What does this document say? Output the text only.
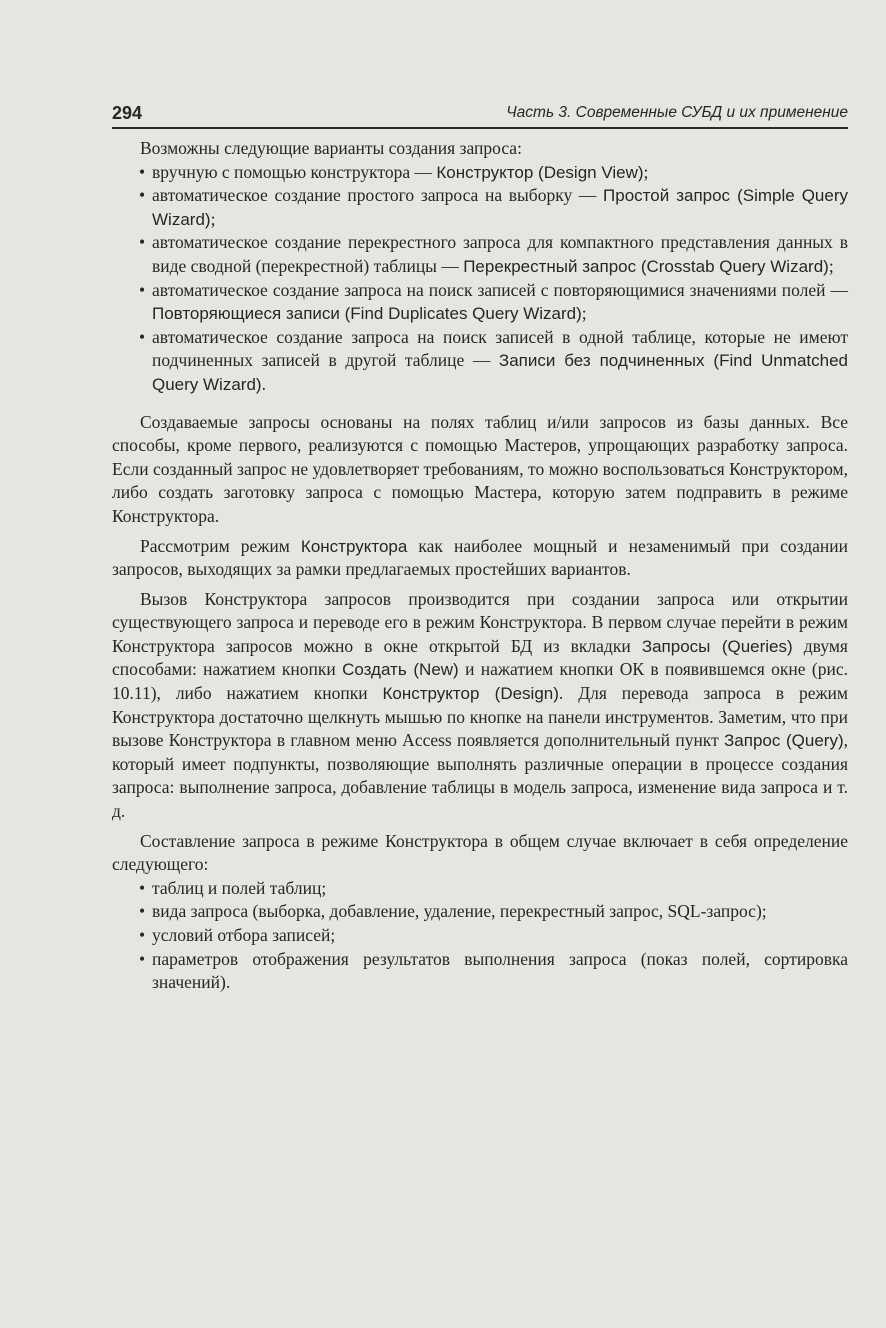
294	Часть 3. Современные СУБД и их применение

Возможны следующие варианты создания запроса:

• вручную с помощью конструктора — Конструктор (Design View);
• автоматическое создание простого запроса на выборку — Простой запрос (Simple Query Wizard);
• автоматическое создание перекрестного запроса для компактного представления данных в виде сводной (перекрестной) таблицы — Перекрестный запрос (Crosstab Query Wizard);
• автоматическое создание запроса на поиск записей с повторяющимися значениями полей — Повторяющиеся записи (Find Duplicates Query Wizard);
• автоматическое создание запроса на поиск записей в одной таблице, которые не имеют подчиненных записей в другой таблице — Записи без подчиненных (Find Unmatched Query Wizard).

Создаваемые запросы основаны на полях таблиц и/или запросов из базы данных. Все способы, кроме первого, реализуются с помощью Мастеров, упрощающих разработку запроса. Если созданный запрос не удовлетворяет требованиям, то можно воспользоваться Конструктором, либо создать заготовку запроса с помощью Мастера, которую затем подправить в режиме Конструктора.

Рассмотрим режим Конструктора как наиболее мощный и незаменимый при создании запросов, выходящих за рамки предлагаемых простейших вариантов.

Вызов Конструктора запросов производится при создании запроса или открытии существующего запроса и переводе его в режим Конструктора. В первом случае перейти в режим Конструктора запросов можно в окне открытой БД из вкладки Запросы (Queries) двумя способами: нажатием кнопки Создать (New) и нажатием кнопки ОК в появившемся окне (рис. 10.11), либо нажатием кнопки Конструктор (Design). Для перевода запроса в режим Конструктора достаточно щелкнуть мышью по кнопке на панели инструментов. Заметим, что при вызове Конструктора в главном меню Access появляется дополнительный пункт Запрос (Query), который имеет подпункты, позволяющие выполнять различные операции в процессе создания запроса: выполнение запроса, добавление таблицы в модель запроса, изменение вида запроса и т. д.

Составление запроса в режиме Конструктора в общем случае включает в себя определение следующего:

• таблиц и полей таблиц;
• вида запроса (выборка, добавление, удаление, перекрестный запрос, SQL-запрос);
• условий отбора записей;
• параметров отображения результатов выполнения запроса (показ полей, сортировка значений).
